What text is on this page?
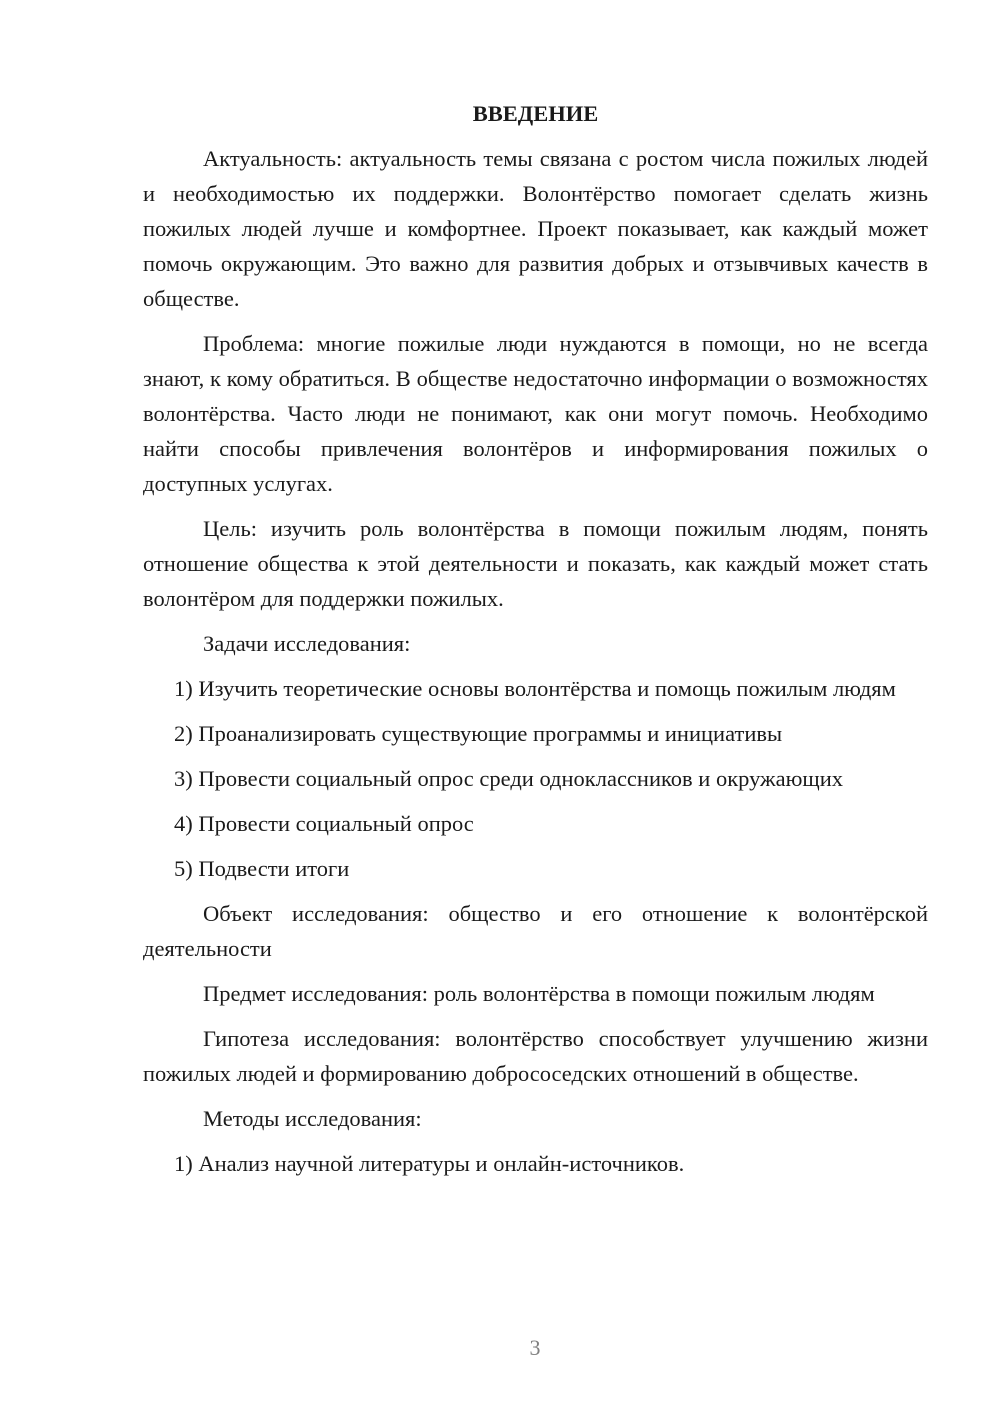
ВВЕДЕНИЕ

Актуальность: актуальность темы связана с ростом числа пожилых людей и необходимостью их поддержки. Волонтёрство помогает сделать жизнь пожилых людей лучше и комфортнее. Проект показывает, как каждый может помочь окружающим. Это важно для развития добрых и отзывчивых качеств в обществе.

Проблема: многие пожилые люди нуждаются в помощи, но не всегда знают, к кому обратиться. В обществе недостаточно информации о возможностях волонтёрства. Часто люди не понимают, как они могут помочь. Необходимо найти способы привлечения волонтёров и информирования пожилых о доступных услугах.

Цель: изучить роль волонтёрства в помощи пожилым людям, понять отношение общества к этой деятельности и показать, как каждый может стать волонтёром для поддержки пожилых.

Задачи исследования:

1) Изучить теоретические основы волонтёрства и помощь пожилым людям

2) Проанализировать существующие программы и инициативы

3) Провести социальный опрос среди одноклассников и окружающих

4) Провести социальный опрос

5) Подвести итоги

Объект исследования: общество и его отношение к волонтёрской деятельности

Предмет исследования: роль волонтёрства в помощи пожилым людям

Гипотеза исследования: волонтёрство способствует улучшению жизни пожилых людей и формированию добрососедских отношений в обществе.

Методы исследования:

1) Анализ научной литературы и онлайн-источников.

3
